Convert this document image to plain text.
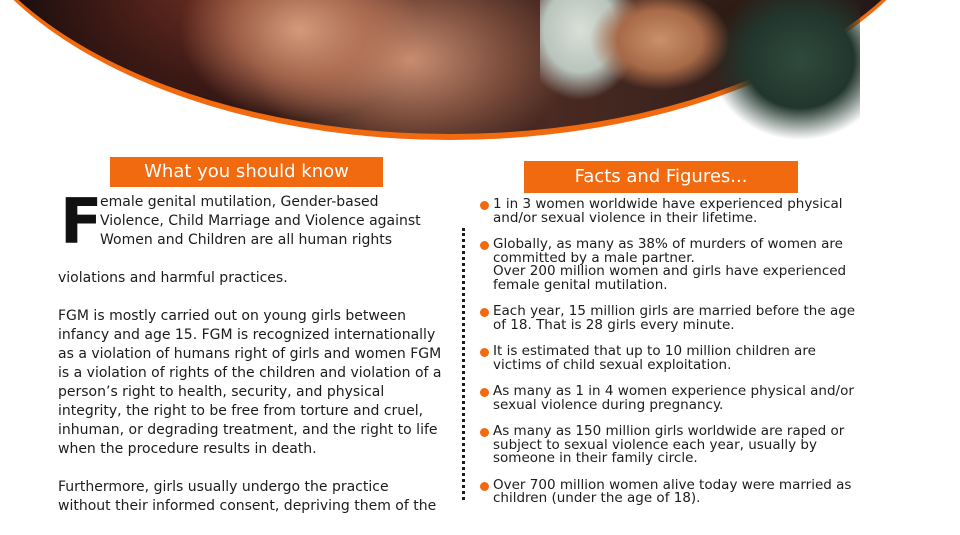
What you should know	Facts and Figures...
F
emale genital mutilation, Gender-based Violence, Child Marriage and Violence against Women and Children are all human rights
violations and harmful practices.
FGM is mostly carried out on young girls between infancy and age 15. FGM is recognized internationally as a violation of humans right of girls and women FGM is a violation of rights of the children and violation of a person’s right to health, security, and physical integrity, the right to be free from torture and cruel, inhuman, or degrading treatment, and the right to life when the procedure results in death.
Furthermore, girls usually undergo the practice without their informed consent, depriving them of the
1 in 3 women worldwide have experienced physical and/or sexual violence in their lifetime.
Globally, as many as 38% of murders of women are committed by a male partner.
Over 200 million women and girls have experienced female genital mutilation.
Each year, 15 million girls are married before the age of 18. That is 28 girls every minute.
It is estimated that up to 10 million children are victims of child sexual exploitation.
As many as 1 in 4 women experience physical and/or sexual violence during pregnancy.
As many as 150 million girls worldwide are raped or subject to sexual violence each year, usually by someone in their family circle.
Over 700 million women alive today were married as children (under the age of 18).
